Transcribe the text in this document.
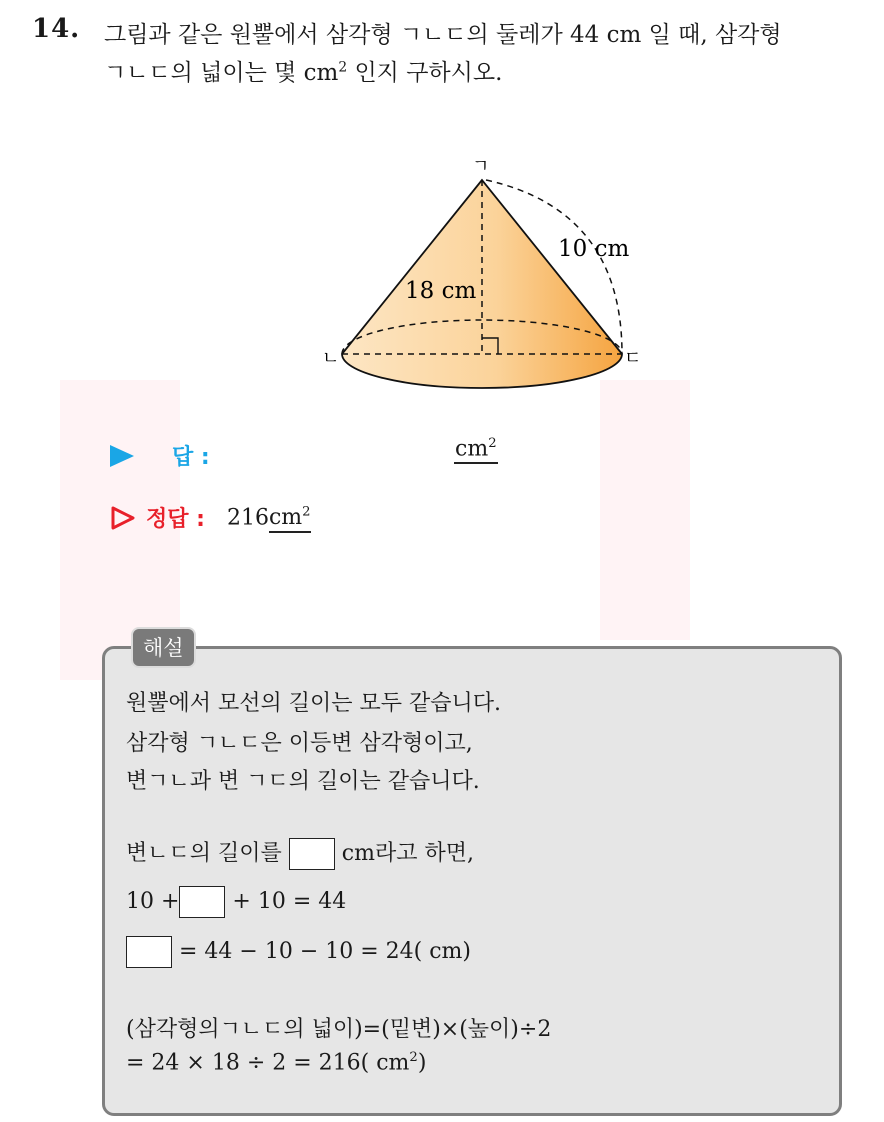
14. 그림과 같은 원뿔에서 삼각형 ㄱㄴㄷ의 둘레가 44 cm 일 때, 삼각형
ㄱㄴㄷ의 넓이는 몇 $cm^2$ 인지 구하시오.
ㄱ
ㄴ	ㄷ
10 cm
18 cm
답 :	$cm^2$
정답 : $216cm^2$
해설
원뿔에서 모선의 길이는 모두 같습니다.
삼각형 ㄱㄴㄷ은 이등변 삼각형이고,
변ㄱㄴ과 변 ㄱㄷ의 길이는 같습니다.
변ㄴㄷ의 길이를	cm라고 하면,
10 + + 10 = 44
= 44 − 10 − 10 = 24( cm)
(삼각형의ㄱㄴㄷ의 넓이)=(밑변)×(높이)÷2
= 24 × 18 ÷ 2 = 216( $cm^2$)
